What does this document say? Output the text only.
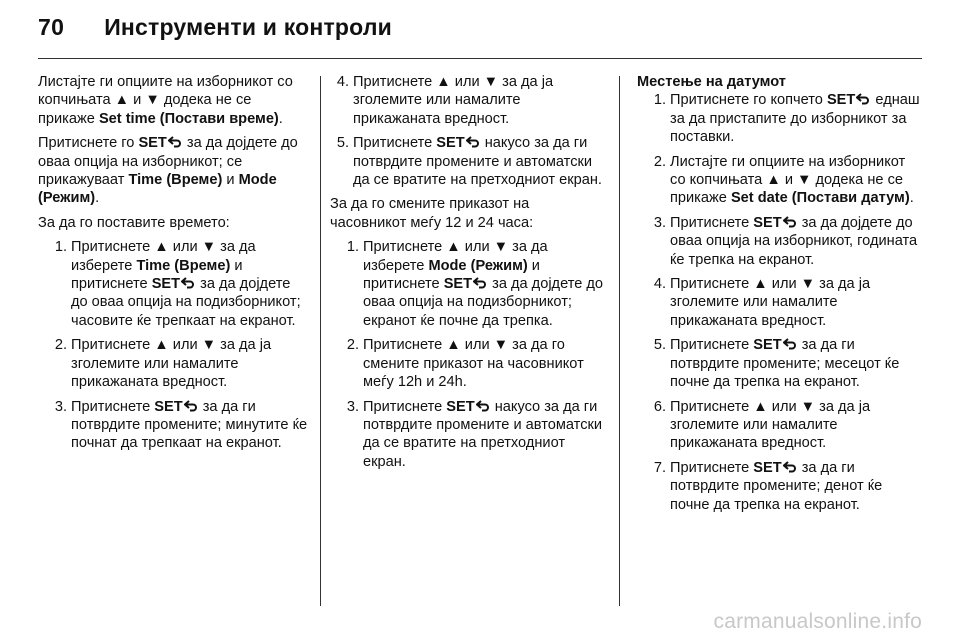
70 Инструменти и контроли

Листајте ги опциите на изборникот со копчињата ▲ и ▼ додека не се прикаже Set time (Постави време).

Притиснете го SET за да дојдете до оваа опција на изборникот; се прикажуваат Time (Време) и Mode (Режим).

За да го поставите времето:

1. Притиснете ▲ или ▼ за да изберете Time (Време) и притиснете SET за да дојдете до оваа опција на подизборникот; часовите ќе трепкаат на екранот.
2. Притиснете ▲ или ▼ за да ја зголемите или намалите прикажаната вредност.
3. Притиснете SET за да ги потврдите промените; минутите ќе почнат да трепкаат на екранот.
4. Притиснете ▲ или ▼ за да ја зголемите или намалите прикажаната вредност.
5. Притиснете SET накусо за да ги потврдите промените и автоматски да се вратите на претходниот екран.

За да го смените приказот на часовникот меѓу 12 и 24 часа:

1. Притиснете ▲ или ▼ за да изберете Mode (Режим) и притиснете SET за да дојдете до оваа опција на подизборникот; екранот ќе почне да трепка.
2. Притиснете ▲ или ▼ за да го смените приказот на часовникот меѓу 12h и 24h.
3. Притиснете SET накусо за да ги потврдите промените и автоматски да се вратите на претходниот екран.

Местење на датумот

1. Притиснете го копчето SET еднаш за да пристапите до изборникот за поставки.
2. Листајте ги опциите на изборникот со копчињата ▲ и ▼ додека не се прикаже Set date (Постави датум).
3. Притиснете SET за да дојдете до оваа опција на изборникот, годината ќе трепка на екранот.
4. Притиснете ▲ или ▼ за да ја зголемите или намалите прикажаната вредност.
5. Притиснете SET за да ги потврдите промените; месецот ќе почне да трепка на екранот.
6. Притиснете ▲ или ▼ за да ја зголемите или намалите прикажаната вредност.
7. Притиснете SET за да ги потврдите промените; денот ќе почне да трепка на екранот.
carmanualsonline.info
